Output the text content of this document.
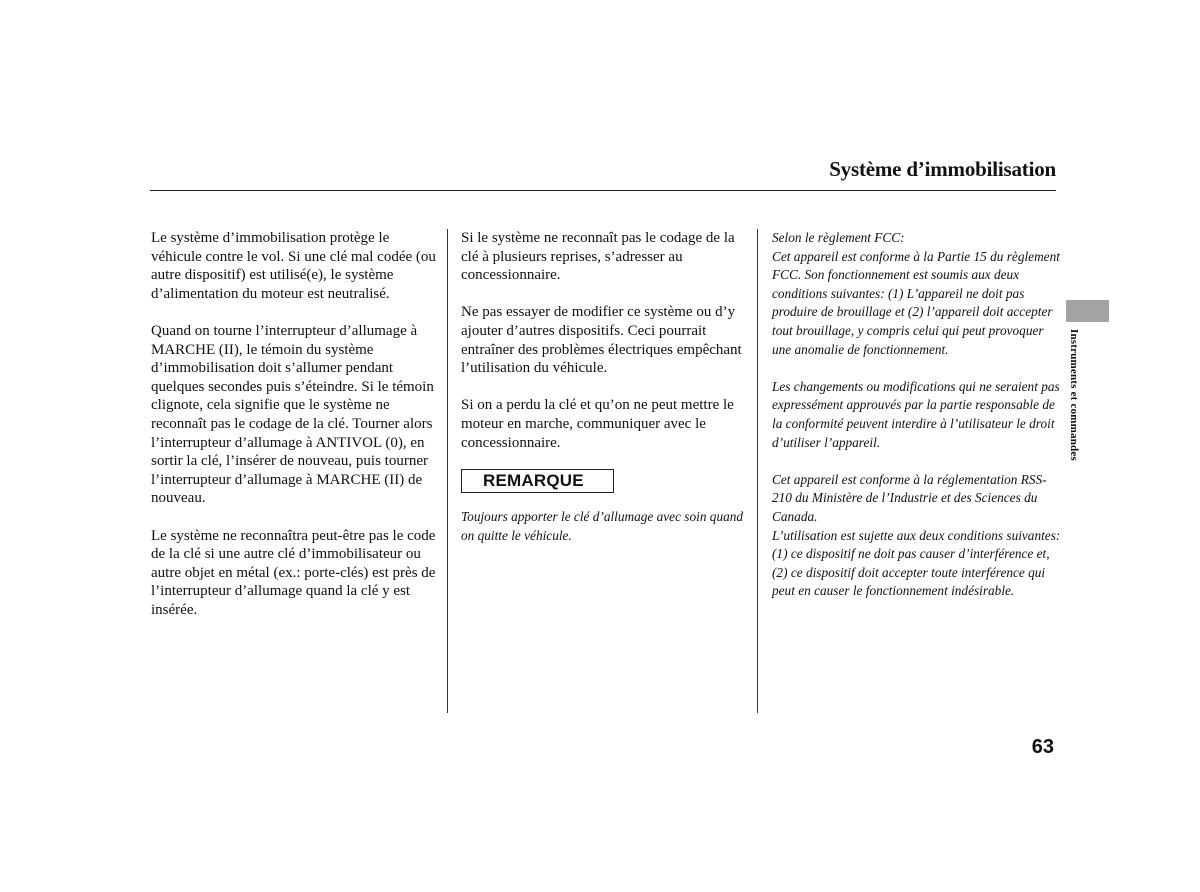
Système d’immobilisation

Le système d’immobilisation protège le véhicule contre le vol. Si une clé mal codée (ou autre dispositif) est utilisé(e), le système d’alimentation du moteur est neutralisé.

Quand on tourne l’interrupteur d’allumage à MARCHE (II), le témoin du système d’immobilisation doit s’allumer pendant quelques secondes puis s’éteindre. Si le témoin clignote, cela signifie que le système ne reconnaît pas le codage de la clé. Tourner alors l’interrupteur d’allumage à ANTIVOL (0), en sortir la clé, l’insérer de nouveau, puis tourner l’interrupteur d’allumage à MARCHE (II) de nouveau.

Le système ne reconnaîtra peut-être pas le code de la clé si une autre clé d’immobilisateur ou autre objet en métal (ex.: porte-clés) est près de l’interrupteur d’allumage quand la clé y est insérée.

Si le système ne reconnaît pas le codage de la clé à plusieurs reprises, s’adresser au concessionnaire.

Ne pas essayer de modifier ce système ou d’y ajouter d’autres dispositifs. Ceci pourrait entraîner des problèmes électriques empêchant l’utilisation du véhicule.

Si on a perdu la clé et qu’on ne peut mettre le moteur en marche, communiquer avec le concessionnaire.

REMARQUE

Toujours apporter le clé d’allumage avec soin quand on quitte le véhicule.

Selon le règlement FCC:

Cet appareil est conforme à la Partie 15 du règlement FCC. Son fonctionnement est soumis aux deux conditions suivantes: (1) L’appareil ne doit pas produire de brouillage et (2) l’appareil doit accepter tout brouillage, y compris celui qui peut provoquer une anomalie de fonctionnement.

Les changements ou modifications qui ne seraient pas expressément approuvés par la partie responsable de la conformité peuvent interdire à l’utilisateur le droit d’utiliser l’appareil.

Cet appareil est conforme à la réglementation RSS-210 du Ministère de l’Industrie et des Sciences du Canada.
L’utilisation est sujette aux deux conditions suivantes: (1) ce dispositif ne doit pas causer d’interférence et, (2) ce dispositif doit accepter toute interférence qui peut en causer le fonctionnement indésirable.
Instruments et commandes
63
